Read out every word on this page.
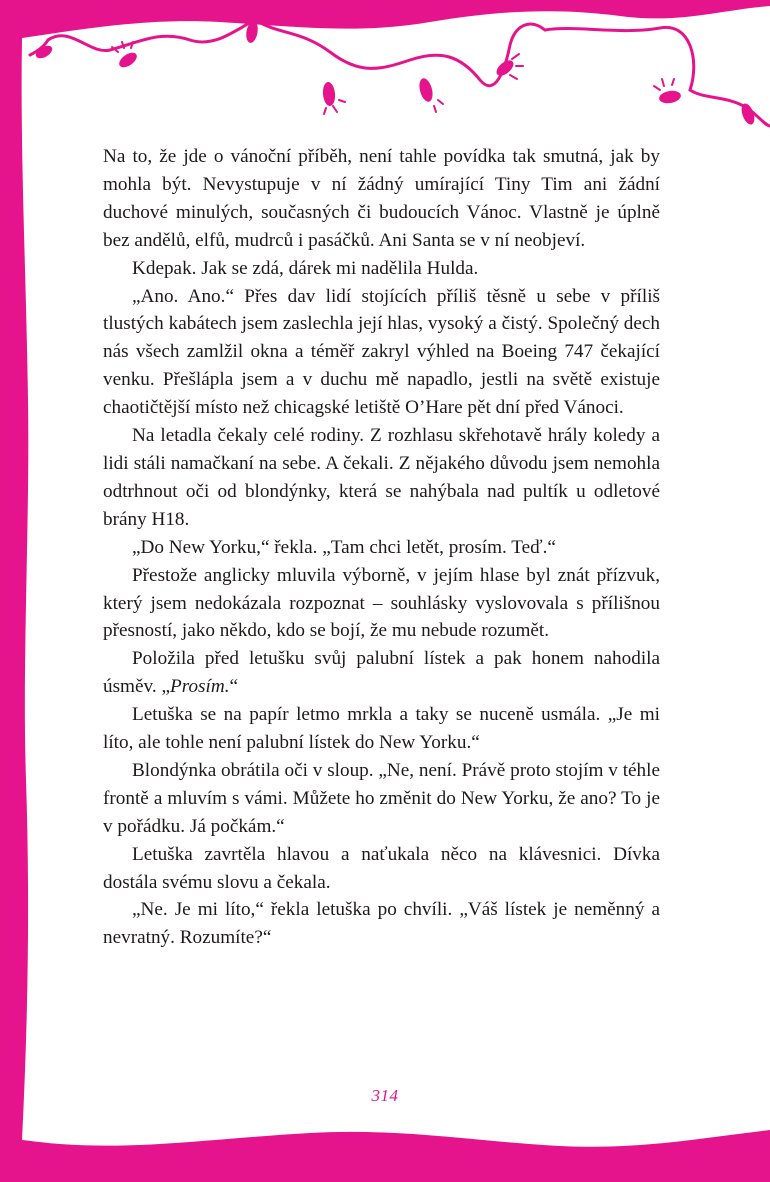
Na to, že jde o vánoční příběh, není tahle povídka tak smutná, jak by mohla být. Nevystupuje v ní žádný umírající Tiny Tim ani žádní duchové minulých, současných či budoucích Vánoc. Vlastně je úplně bez andělů, elfů, mudrců i pasáčků. Ani Santa se v ní neobjeví.

Kdepak. Jak se zdá, dárek mi nadělila Hulda.

„Ano. Ano.“ Přes dav lidí stojících příliš těsně u sebe v příliš tlustých kabátech jsem zaslechla její hlas, vysoký a čistý. Společný dech nás všech zamlžil okna a téměř zakryl výhled na Boeing 747 čekající venku. Přešlápla jsem a v duchu mě napadlo, jestli na světě existuje chaotičtější místo než chicagské letiště O’Hare pět dní před Vánoci.

Na letadla čekaly celé rodiny. Z rozhlasu skřehotavě hrály koledy a lidi stáli namačkaní na sebe. A čekali. Z nějakého důvodu jsem nemohla odtrhnout oči od blondýnky, která se nahýbala nad pultík u odletové brány H18.

„Do New Yorku,“ řekla. „Tam chci letět, prosím. Teď.“

Přestože anglicky mluvila výborně, v jejím hlase byl znát přízvuk, který jsem nedokázala rozpoznat – souhlásky vyslovovala s přílišnou přesností, jako někdo, kdo se bojí, že mu nebude rozumět.

Položila před letušku svůj palubní lístek a pak honem nahodila úsměv. „Prosím.“

Letuška se na papír letmo mrkla a taky se nuceně usmála. „Je mi líto, ale tohle není palubní lístek do New Yorku.“

Blondýnka obrátila oči v sloup. „Ne, není. Právě proto stojím v téhle frontě a mluvím s vámi. Můžete ho změnit do New Yorku, že ano? To je v pořádku. Já počkám.“

Letuška zavrtěla hlavou a naťukala něco na klávesnici. Dívka dostála svému slovu a čekala.

„Ne. Je mi líto,“ řekla letuška po chvíli. „Váš lístek je neměnný a nevratný. Rozumíte?“

314
